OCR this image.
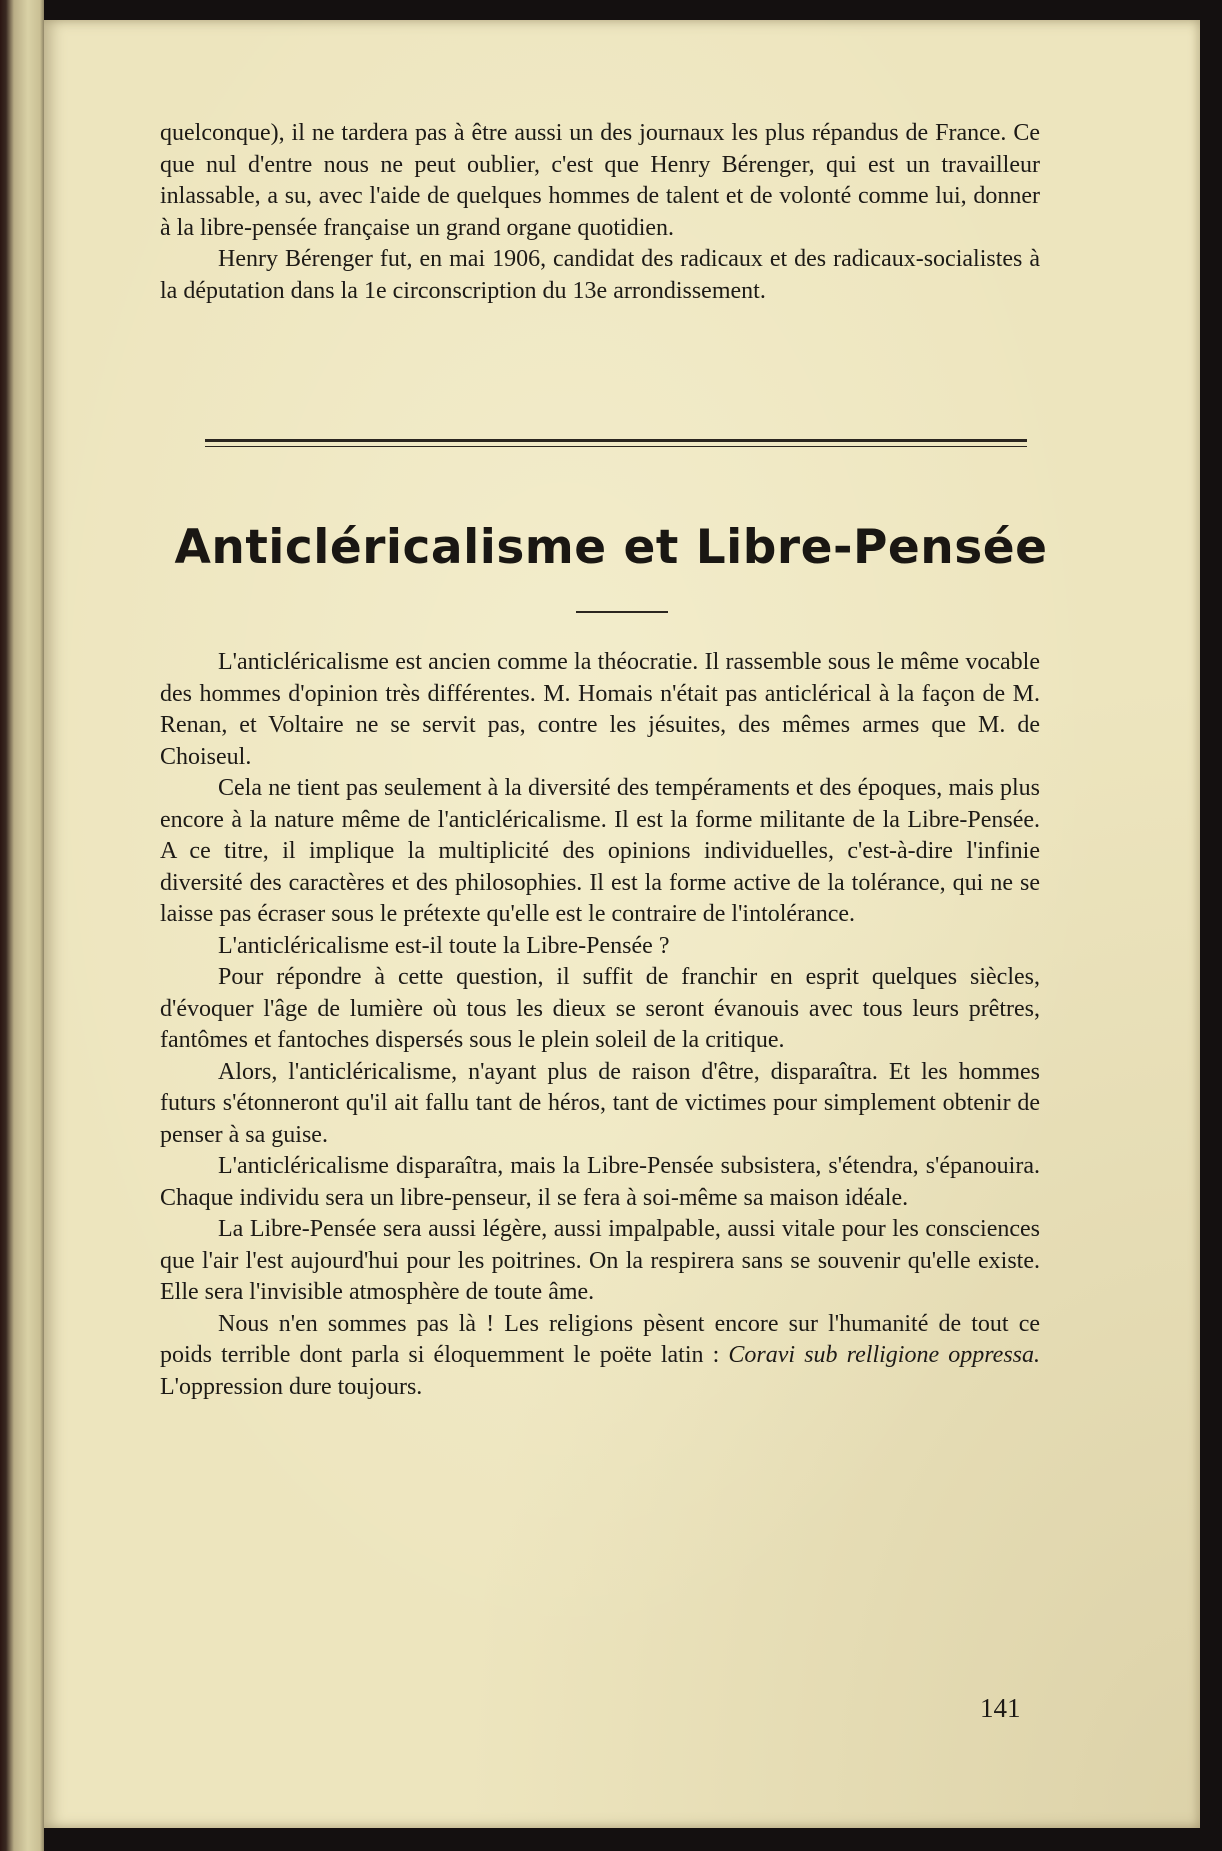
quelconque), il ne tardera pas à être aussi un des journaux les plus répandus de France. Ce que nul d'entre nous ne peut oublier, c'est que Henry Bérenger, qui est un travailleur inlassable, a su, avec l'aide de quelques hommes de talent et de volonté comme lui, donner à la libre-pensée française un grand organe quotidien.

Henry Bérenger fut, en mai 1906, candidat des radicaux et des radicaux-socialistes à la députation dans la 1e circonscription du 13e arrondissement.

Anticléricalisme et Libre-Pensée

L'anticléricalisme est ancien comme la théocratie. Il rassemble sous le même vocable des hommes d'opinion très différentes. M. Homais n'était pas anticlérical à la façon de M. Renan, et Voltaire ne se servit pas, contre les jésuites, des mêmes armes que M. de Choiseul.

Cela ne tient pas seulement à la diversité des tempéraments et des époques, mais plus encore à la nature même de l'anticléricalisme. Il est la forme militante de la Libre-Pensée. A ce titre, il implique la multiplicité des opinions individuelles, c'est-à-dire l'infinie diversité des caractères et des philosophies. Il est la forme active de la tolérance, qui ne se laisse pas écraser sous le prétexte qu'elle est le contraire de l'intolérance.

L'anticléricalisme est-il toute la Libre-Pensée ?

Pour répondre à cette question, il suffit de franchir en esprit quelques siècles, d'évoquer l'âge de lumière où tous les dieux se seront évanouis avec tous leurs prêtres, fantômes et fantoches dispersés sous le plein soleil de la critique.

Alors, l'anticléricalisme, n'ayant plus de raison d'être, disparaîtra. Et les hommes futurs s'étonneront qu'il ait fallu tant de héros, tant de victimes pour simplement obtenir de penser à sa guise.

L'anticléricalisme disparaîtra, mais la Libre-Pensée subsistera, s'étendra, s'épanouira. Chaque individu sera un libre-penseur, il se fera à soi-même sa maison idéale.

La Libre-Pensée sera aussi légère, aussi impalpable, aussi vitale pour les consciences que l'air l'est aujourd'hui pour les poitrines. On la respirera sans se souvenir qu'elle existe. Elle sera l'invisible atmosphère de toute âme.

Nous n'en sommes pas là ! Les religions pèsent encore sur l'humanité de tout ce poids terrible dont parla si éloquemment le poëte latin : Coravi sub relligione oppressa. L'oppression dure toujours.

141
